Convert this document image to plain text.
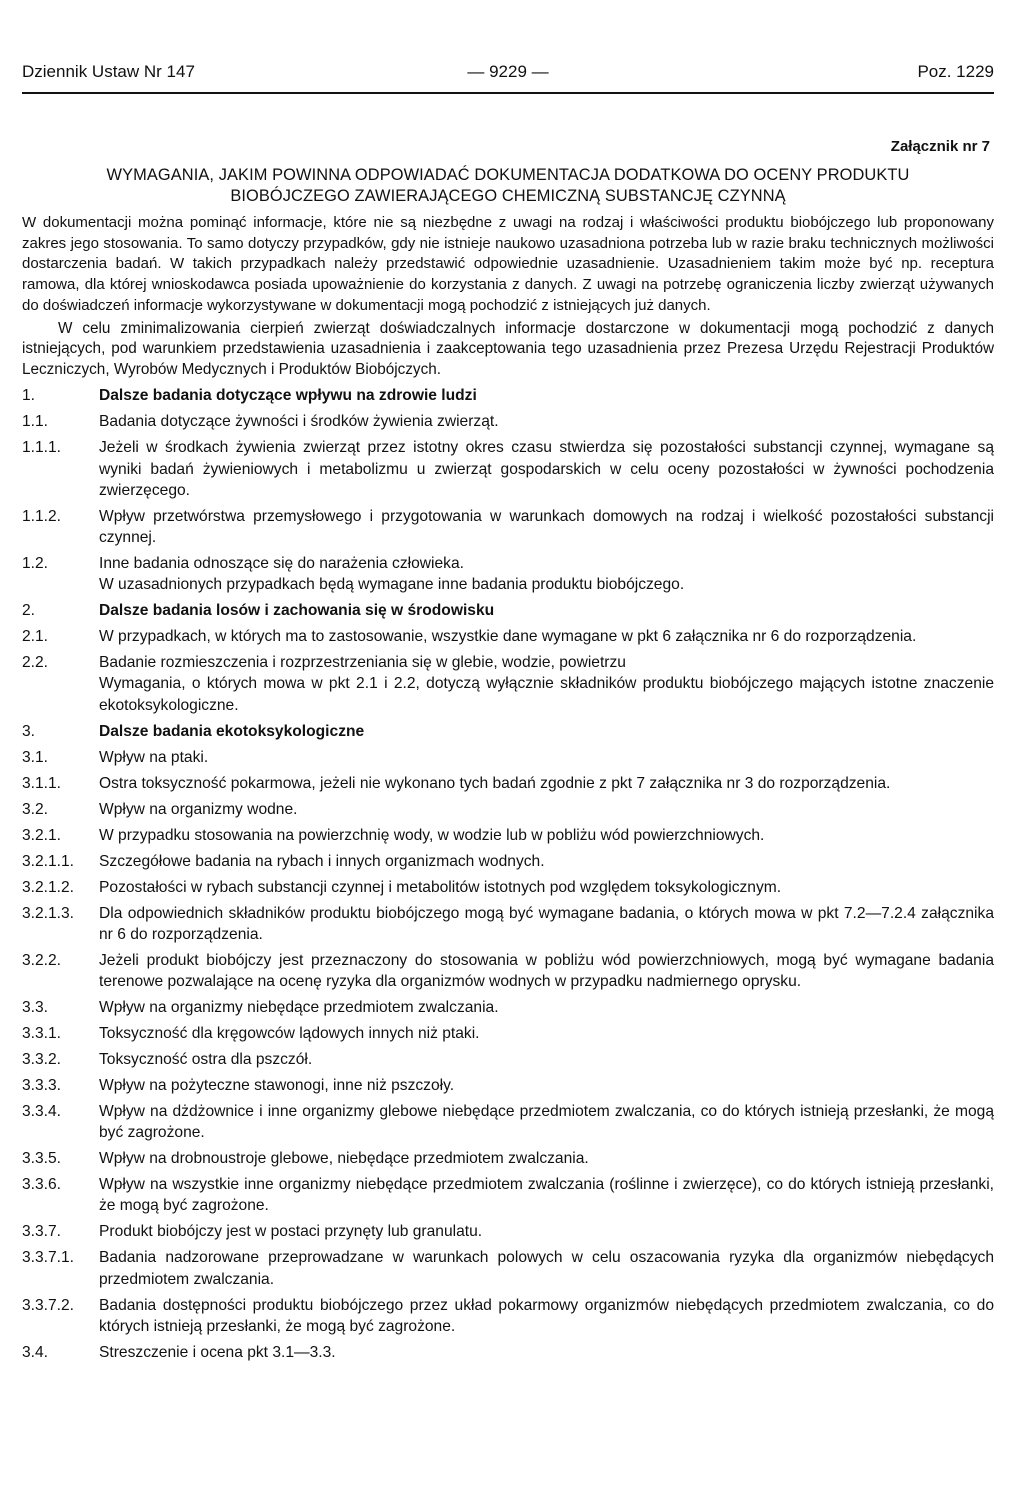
Dziennik Ustaw Nr 147	— 9229 —	Poz. 1229
Załącznik nr 7
WYMAGANIA, JAKIM POWINNA ODPOWIADAĆ DOKUMENTACJA DODATKOWA DO OCENY PRODUKTU
BIOBÓJCZEGO ZAWIERAJĄCEGO CHEMICZNĄ SUBSTANCJĘ CZYNNĄ

W dokumentacji można pominąć informacje, które nie są niezbędne z uwagi na rodzaj i właściwości produktu biobójczego lub proponowany zakres jego stosowania. To samo dotyczy przypadków, gdy nie istnieje naukowo uzasadniona potrzeba lub w razie braku technicznych możliwości dostarczenia badań. W takich przypadkach należy przedstawić odpowiednie uzasadnienie. Uzasadnieniem takim może być np. receptura ramowa, dla której wnioskodawca posiada upoważnienie do korzystania z danych. Z uwagi na potrzebę ograniczenia liczby zwierząt używanych do doświadczeń informacje wykorzystywane w dokumentacji mogą pochodzić z istniejących już danych.

W celu zminimalizowania cierpień zwierząt doświadczalnych informacje dostarczone w dokumentacji mogą pochodzić z danych istniejących, pod warunkiem przedstawienia uzasadnienia i zaakceptowania tego uzasadnienia przez Prezesa Urzędu Rejestracji Produktów Leczniczych, Wyrobów Medycznych i Produktów Biobójczych.

1.	Dalsze badania dotyczące wpływu na zdrowie ludzi
1.1.	Badania dotyczące żywności i środków żywienia zwierząt.
1.1.1.	Jeżeli w środkach żywienia zwierząt przez istotny okres czasu stwierdza się pozostałości substancji czynnej, wymagane są wyniki badań żywieniowych i metabolizmu u zwierząt gospodarskich w celu oceny pozostałości w żywności pochodzenia zwierzęcego.
1.1.2.	Wpływ przetwórstwa przemysłowego i przygotowania w warunkach domowych na rodzaj i wielkość pozostałości substancji czynnej.
1.2.	Inne badania odnoszące się do narażenia człowieka.
W uzasadnionych przypadkach będą wymagane inne badania produktu biobójczego.
2.	Dalsze badania losów i zachowania się w środowisku
2.1.	W przypadkach, w których ma to zastosowanie, wszystkie dane wymagane w pkt 6 załącznika nr 6 do rozporządzenia.
2.2.	Badanie rozmieszczenia i rozprzestrzeniania się w glebie, wodzie, powietrzu
Wymagania, o których mowa w pkt 2.1 i 2.2, dotyczą wyłącznie składników produktu biobójczego mających istotne znaczenie ekotoksykologiczne.
3.	Dalsze badania ekotoksykologiczne
3.1.	Wpływ na ptaki.
3.1.1.	Ostra toksyczność pokarmowa, jeżeli nie wykonano tych badań zgodnie z pkt 7 załącznika nr 3 do rozporządzenia.
3.2.	Wpływ na organizmy wodne.
3.2.1.	W przypadku stosowania na powierzchnię wody, w wodzie lub w pobliżu wód powierzchniowych.
3.2.1.1.	Szczegółowe badania na rybach i innych organizmach wodnych.
3.2.1.2.	Pozostałości w rybach substancji czynnej i metabolitów istotnych pod względem toksykologicznym.
3.2.1.3.	Dla odpowiednich składników produktu biobójczego mogą być wymagane badania, o których mowa w pkt 7.2—7.2.4 załącznika nr 6 do rozporządzenia.
3.2.2.	Jeżeli produkt biobójczy jest przeznaczony do stosowania w pobliżu wód powierzchniowych, mogą być wymagane badania terenowe pozwalające na ocenę ryzyka dla organizmów wodnych w przypadku nadmiernego oprysku.
3.3.	Wpływ na organizmy niebędące przedmiotem zwalczania.
3.3.1.	Toksyczność dla kręgowców lądowych innych niż ptaki.
3.3.2.	Toksyczność ostra dla pszczół.
3.3.3.	Wpływ na pożyteczne stawonogi, inne niż pszczoły.
3.3.4.	Wpływ na dżdżownice i inne organizmy glebowe niebędące przedmiotem zwalczania, co do których istnieją przesłanki, że mogą być zagrożone.
3.3.5.	Wpływ na drobnoustroje glebowe, niebędące przedmiotem zwalczania.
3.3.6.	Wpływ na wszystkie inne organizmy niebędące przedmiotem zwalczania (roślinne i zwierzęce), co do których istnieją przesłanki, że mogą być zagrożone.
3.3.7.	Produkt biobójczy jest w postaci przynęty lub granulatu.
3.3.7.1.	Badania nadzorowane przeprowadzane w warunkach polowych w celu oszacowania ryzyka dla organizmów niebędących przedmiotem zwalczania.
3.3.7.2.	Badania dostępności produktu biobójczego przez układ pokarmowy organizmów niebędących przedmiotem zwalczania, co do których istnieją przesłanki, że mogą być zagrożone.
3.4.	Streszczenie i ocena pkt 3.1—3.3.
